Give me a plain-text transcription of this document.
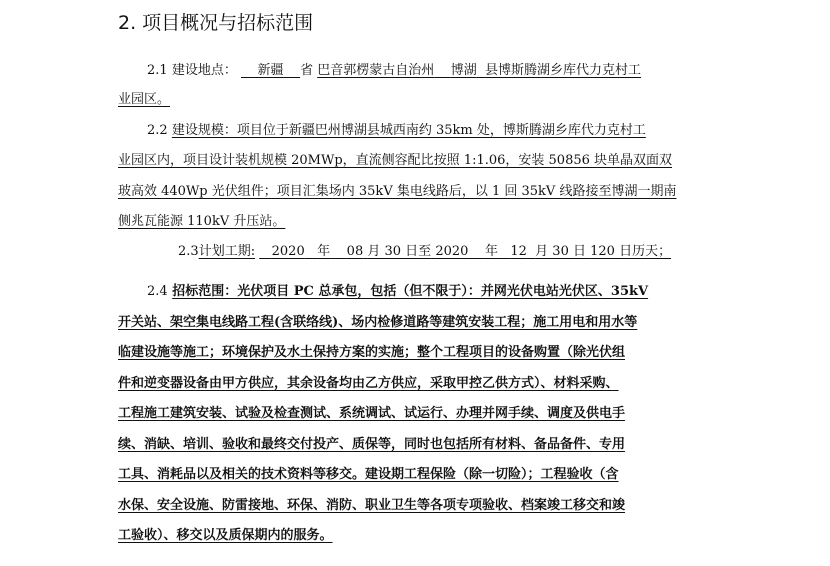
2. 项目概况与招标范围
2.1 建设地点： 新疆 省 巴音郭楞蒙古自治州 博湖 县博斯腾湖乡库代力克村工
业园区。
2.2 建设规模：项目位于新疆巴州博湖县城西南约 35km 处，博斯腾湖乡库代力克村工
业园区内，项目设计装机规模 20MWp，直流侧容配比按照 1:1.06，安装 50856 块单晶双面双
玻高效 440Wp 光伏组件；项目汇集场内 35kV 集电线路后，以 1 回 35kV 线路接至博湖一期南
侧兆瓦能源 110kV 升压站。
2.3计划工期: 2020 年 08 月 30 日至 2020 年 12 月 30 日 120 日历天；
2.4 招标范围：光伏项目 PC 总承包，包括（但不限于）：并网光伏电站光伏区、35kV
开关站、架空集电线路工程(含联络线)、场内检修道路等建筑安装工程；施工用电和用水等
临建设施等施工；环境保护及水土保持方案的实施；整个工程项目的设备购置（除光伏组
件和逆变器设备由甲方供应，其余设备均由乙方供应，采取甲控乙供方式）、材料采购、
工程施工建筑安装、试验及检查测试、系统调试、试运行、办理并网手续、调度及供电手
续、消缺、培训、验收和最终交付投产、质保等，同时也包括所有材料、备品备件、专用
工具、消耗品以及相关的技术资料等移交。建设期工程保险（除一切险）；工程验收（含
水保、安全设施、防雷接地、环保、消防、职业卫生等各项专项验收、档案竣工移交和竣
工验收）、移交以及质保期内的服务。
